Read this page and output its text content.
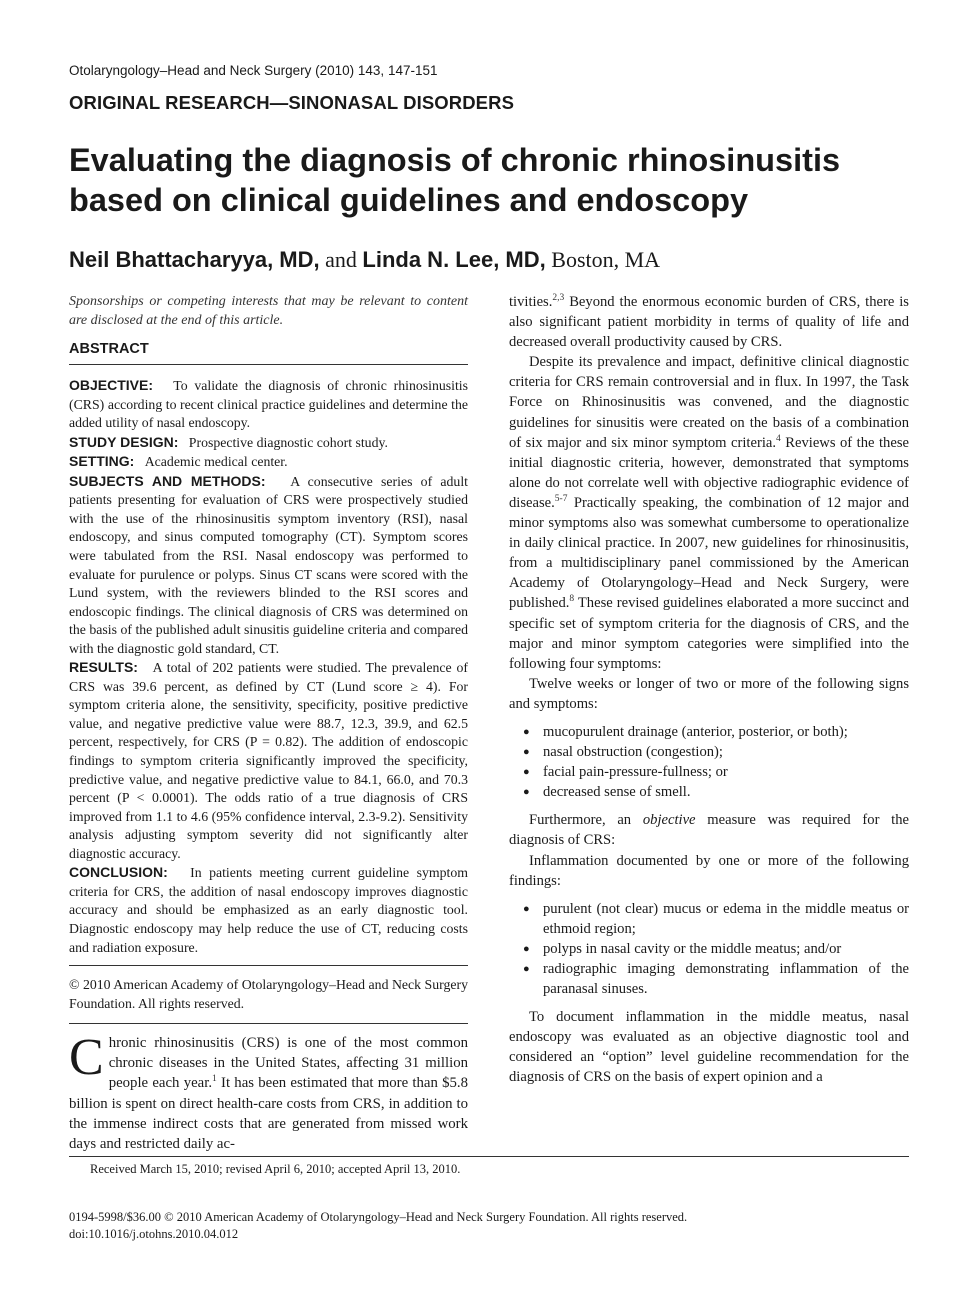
Otolaryngology–Head and Neck Surgery (2010) 143, 147-151
ORIGINAL RESEARCH—SINONASAL DISORDERS
Evaluating the diagnosis of chronic rhinosinusitis based on clinical guidelines and endoscopy
Neil Bhattacharyya, MD, and Linda N. Lee, MD, Boston, MA

Sponsorships or competing interests that may be relevant to content are disclosed at the end of this article.

ABSTRACT

OBJECTIVE: To validate the diagnosis of chronic rhinosinusitis (CRS) according to recent clinical practice guidelines and determine the added utility of nasal endoscopy.

STUDY DESIGN: Prospective diagnostic cohort study.

SETTING: Academic medical center.

SUBJECTS AND METHODS: A consecutive series of adult patients presenting for evaluation of CRS were prospectively studied with the use of the rhinosinusitis symptom inventory (RSI), nasal endoscopy, and sinus computed tomography (CT). Symptom scores were tabulated from the RSI. Nasal endoscopy was performed to evaluate for purulence or polyps. Sinus CT scans were scored with the Lund system, with the reviewers blinded to the RSI scores and endoscopic findings. The clinical diagnosis of CRS was determined on the basis of the published adult sinusitis guideline criteria and compared with the diagnostic gold standard, CT.

RESULTS: A total of 202 patients were studied. The prevalence of CRS was 39.6 percent, as defined by CT (Lund score ≥ 4). For symptom criteria alone, the sensitivity, specificity, positive predictive value, and negative predictive value were 88.7, 12.3, 39.9, and 62.5 percent, respectively, for CRS (P = 0.82). The addition of endoscopic findings to symptom criteria significantly improved the specificity, predictive value, and negative predictive value to 84.1, 66.0, and 70.3 percent (P < 0.0001). The odds ratio of a true diagnosis of CRS improved from 1.1 to 4.6 (95% confidence interval, 2.3-9.2). Sensitivity analysis adjusting symptom severity did not significantly alter diagnostic accuracy.

CONCLUSION: In patients meeting current guideline symptom criteria for CRS, the addition of nasal endoscopy improves diagnostic accuracy and should be emphasized as an early diagnostic tool. Diagnostic endoscopy may help reduce the use of CT, reducing costs and radiation exposure.

© 2010 American Academy of Otolaryngology–Head and Neck Surgery Foundation. All rights reserved.

Chronic rhinosinusitis (CRS) is one of the most common chronic diseases in the United States, affecting 31 million people each year.$^1$ It has been estimated that more than $5.8 billion is spent on direct health-care costs from CRS, in addition to the immense indirect costs that are generated from missed work days and restricted daily ac-

tivities.$^{2,3}$ Beyond the enormous economic burden of CRS, there is also significant patient morbidity in terms of quality of life and decreased overall productivity caused by CRS.

Despite its prevalence and impact, definitive clinical diagnostic criteria for CRS remain controversial and in flux. In 1997, the Task Force on Rhinosinusitis was convened, and the diagnostic guidelines for sinusitis were created on the basis of a combination of six major and six minor symptom criteria.$^4$ Reviews of the these initial diagnostic criteria, however, demonstrated that symptoms alone do not correlate well with objective radiographic evidence of disease.$^{5-7}$ Practically speaking, the combination of 12 major and minor symptoms also was somewhat cumbersome to operationalize in daily clinical practice. In 2007, new guidelines for rhinosinusitis, from a multidisciplinary panel commissioned by the American Academy of Otolaryngology–Head and Neck Surgery, were published.$^8$ These revised guidelines elaborated a more succinct and specific set of symptom criteria for the diagnosis of CRS, and the major and minor symptom categories were simplified into the following four symptoms:

Twelve weeks or longer of two or more of the following signs and symptoms:

● mucopurulent drainage (anterior, posterior, or both);
● nasal obstruction (congestion);
● facial pain-pressure-fullness; or
● decreased sense of smell.

Furthermore, an objective measure was required for the diagnosis of CRS:

Inflammation documented by one or more of the following findings:

● purulent (not clear) mucus or edema in the middle meatus or ethmoid region;
● polyps in nasal cavity or the middle meatus; and/or
● radiographic imaging demonstrating inflammation of the paranasal sinuses.

To document inflammation in the middle meatus, nasal endoscopy was evaluated as an objective diagnostic tool and considered an “option” level guideline recommendation for the diagnosis of CRS on the basis of expert opinion and a

Received March 15, 2010; revised April 6, 2010; accepted April 13, 2010.
0194-5998/$36.00 © 2010 American Academy of Otolaryngology–Head and Neck Surgery Foundation. All rights reserved.
doi:10.1016/j.otohns.2010.04.012
